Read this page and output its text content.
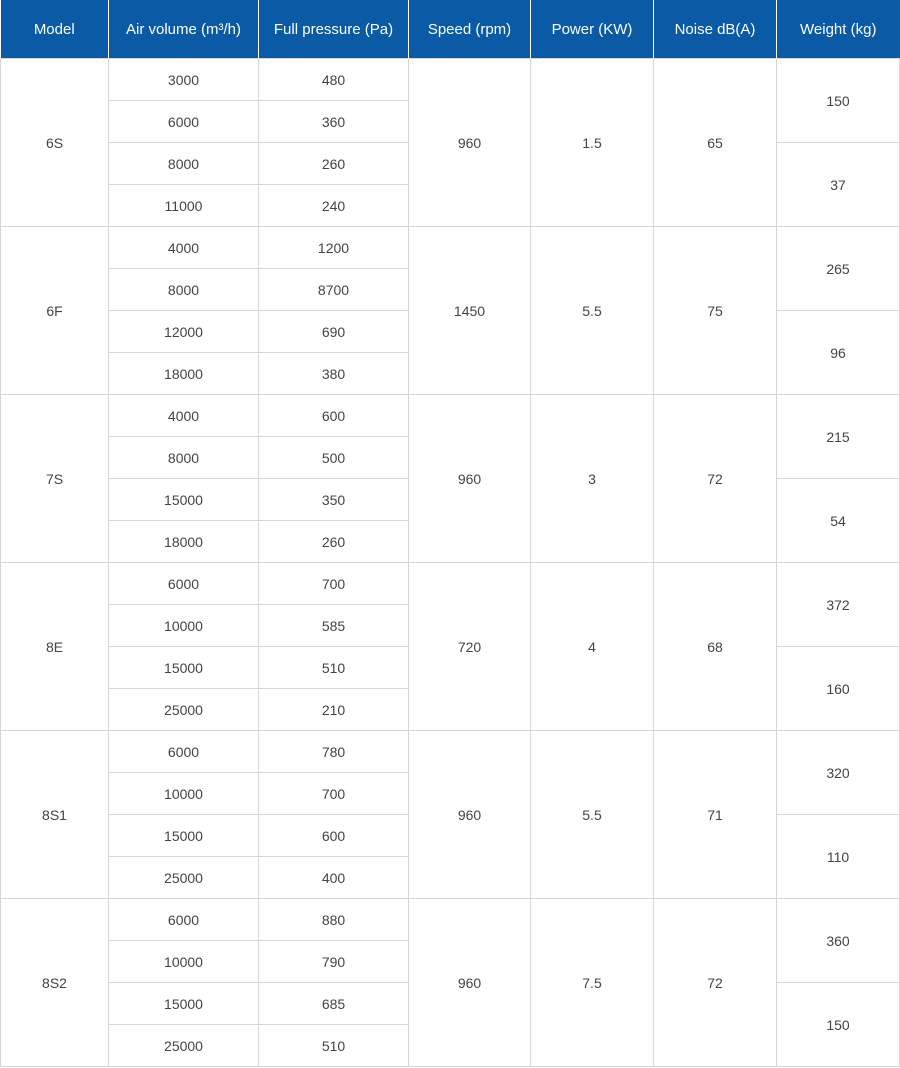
Model	Air volume (m³/h)	Full pressure (Pa)	Speed (rpm)	Power (KW)	Noise dB(A)	Weight (kg)
6S	3000	480	960	1.5	65	150
	6000	360				
	8000	260				37
	11000	240				
6F	4000	1200	1450	5.5	75	265
	8000	8700				
	12000	690				96
	18000	380				
7S	4000	600	960	3	72	215
	8000	500				
	15000	350				54
	18000	260				
8E	6000	700	720	4	68	372
	10000	585				
	15000	510				160
	25000	210				
8S1	6000	780	960	5.5	71	320
	10000	700				
	15000	600				110
	25000	400				
8S2	6000	880	960	7.5	72	360
	10000	790				
	15000	685				150
	25000	510				
